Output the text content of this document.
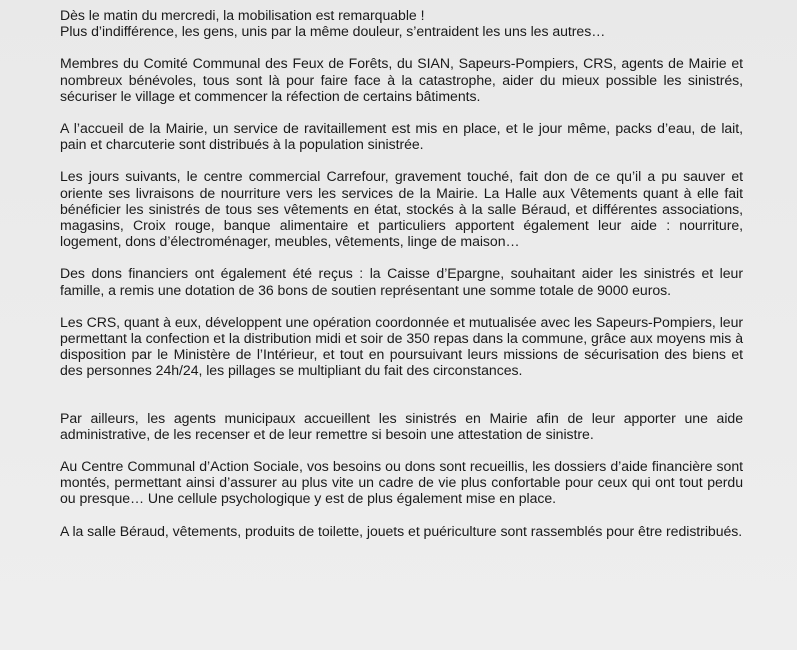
Dès le matin du mercredi, la mobilisation est remarquable !
Plus d’indifférence, les gens, unis par la même douleur, s’entraident les uns les autres…

Membres du Comité Communal des Feux de Forêts, du SIAN, Sapeurs-Pompiers, CRS, agents de Mairie et nombreux bénévoles, tous sont là pour faire face à la catastrophe, aider du mieux possible les sinistrés, sécuriser le village et commencer la réfection de certains bâtiments.

A l’accueil de la Mairie, un service de ravitaillement est mis en place, et le jour même, packs d’eau, de lait, pain et charcuterie sont distribués à la population sinistrée.

Les jours suivants, le centre commercial Carrefour, gravement touché, fait don de ce qu’il a pu sauver et oriente ses livraisons de nourriture vers les services de la Mairie. La Halle aux Vêtements quant à elle fait bénéficier les sinistrés de tous ses vêtements en état, stockés à la salle Béraud, et différentes associations, magasins, Croix rouge, banque alimentaire et particuliers apportent également leur aide : nourriture, logement, dons d’électroménager, meubles, vêtements, linge de maison…

Des dons financiers ont également été reçus : la Caisse d’Epargne, souhaitant aider les sinistrés et leur famille, a remis une dotation de 36 bons de soutien représentant une somme totale de 9000 euros.

Les CRS, quant à eux, développent une opération coordonnée et mutualisée avec les Sapeurs-Pompiers, leur permettant la confection et la distribution midi et soir de 350 repas dans la commune, grâce aux moyens mis à disposition par le Ministère de l’Intérieur, et tout en poursuivant leurs missions de sécurisation des biens et des personnes 24h/24, les pillages se multipliant du fait des circonstances.

Par ailleurs, les agents municipaux accueillent les sinistrés en Mairie afin de leur apporter une aide administrative, de les recenser et de leur remettre si besoin une attestation de sinistre.

Au Centre Communal d’Action Sociale, vos besoins ou dons sont recueillis, les dossiers d’aide financière sont montés, permettant ainsi d’assurer au plus vite un cadre de vie plus confortable pour ceux qui ont tout perdu ou presque… Une cellule psychologique y est de plus également mise en place.

A la salle Béraud, vêtements, produits de toilette, jouets et puériculture sont rassemblés pour être redistribués.
